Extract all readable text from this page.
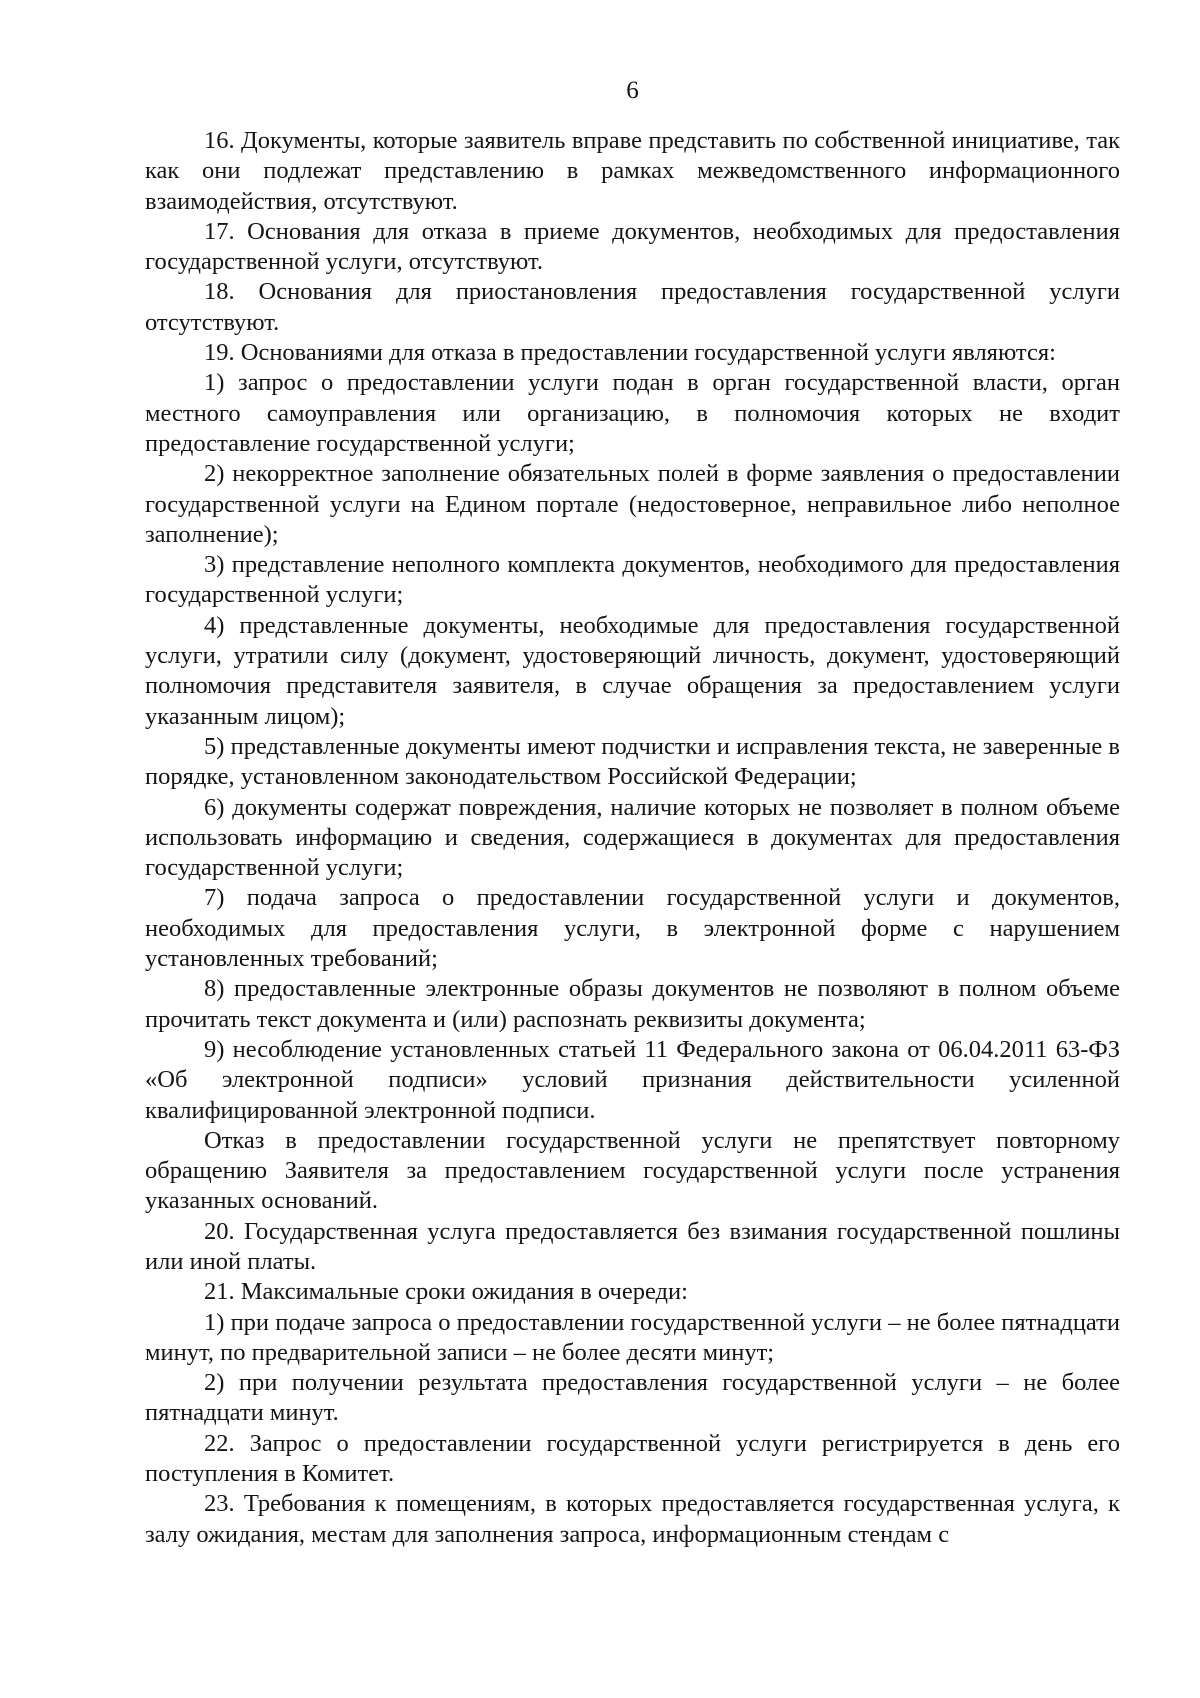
6

16. Документы, которые заявитель вправе представить по собственной инициативе, так как они подлежат представлению в рамках межведомственного информационного взаимодействия, отсутствуют.

17. Основания для отказа в приеме документов, необходимых для предоставления государственной услуги, отсутствуют.

18. Основания для приостановления предоставления государственной услуги отсутствуют.

19. Основаниями для отказа в предоставлении государственной услуги являются:

1) запрос о предоставлении услуги подан в орган государственной власти, орган местного самоуправления или организацию, в полномочия которых не входит предоставление государственной услуги;

2) некорректное заполнение обязательных полей в форме заявления о предоставлении государственной услуги на Едином портале (недостоверное, неправильное либо неполное заполнение);

3) представление неполного комплекта документов, необходимого для предоставления государственной услуги;

4) представленные документы, необходимые для предоставления государственной услуги, утратили силу (документ, удостоверяющий личность, документ, удостоверяющий полномочия представителя заявителя, в случае обращения за предоставлением услуги указанным лицом);

5) представленные документы имеют подчистки и исправления текста, не заверенные в порядке, установленном законодательством Российской Федерации;

6) документы содержат повреждения, наличие которых не позволяет в полном объеме использовать информацию и сведения, содержащиеся в документах для предоставления государственной услуги;

7) подача запроса о предоставлении государственной услуги и документов, необходимых для предоставления услуги, в электронной форме с нарушением установленных требований;

8) предоставленные электронные образы документов не позволяют в полном объеме прочитать текст документа и (или) распознать реквизиты документа;

9) несоблюдение установленных статьей 11 Федерального закона от 06.04.2011 63-ФЗ «Об электронной подписи» условий признания действительности усиленной квалифицированной электронной подписи.

Отказ в предоставлении государственной услуги не препятствует повторному обращению Заявителя за предоставлением государственной услуги после устранения указанных оснований.

20. Государственная услуга предоставляется без взимания государственной пошлины или иной платы.

21. Максимальные сроки ожидания в очереди:

1) при подаче запроса о предоставлении государственной услуги – не более пятнадцати минут, по предварительной записи – не более десяти минут;

2) при получении результата предоставления государственной услуги – не более пятнадцати минут.

22. Запрос о предоставлении государственной услуги регистрируется в день его поступления в Комитет.

23. Требования к помещениям, в которых предоставляется государственная услуга, к залу ожидания, местам для заполнения запроса, информационным стендам с
